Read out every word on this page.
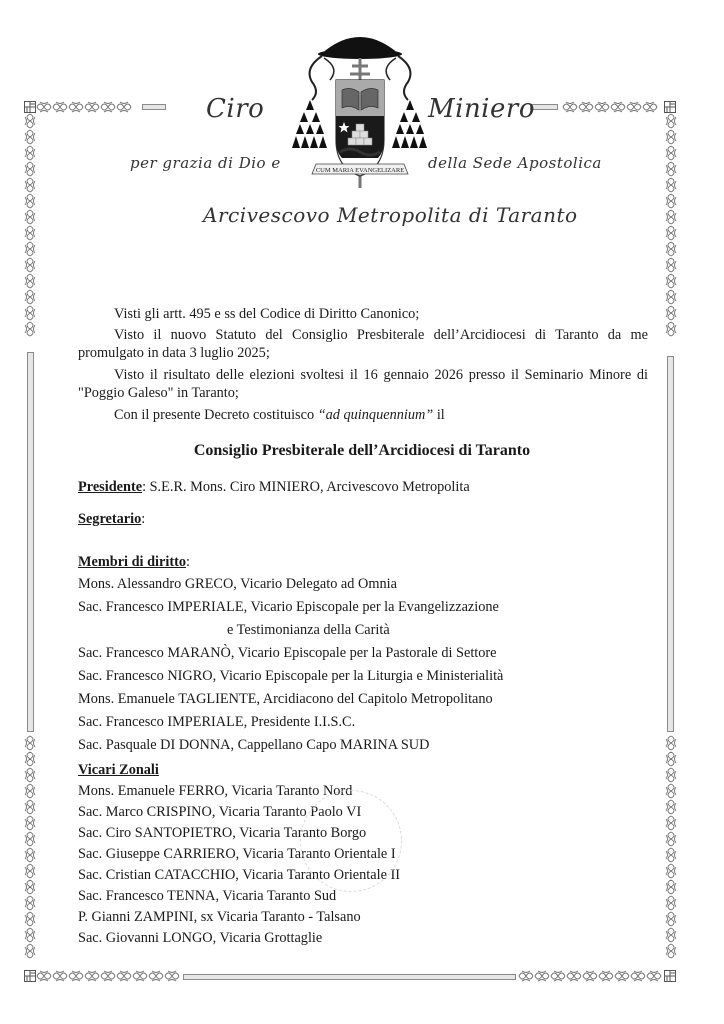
Ciro	Miniero
per grazia di Dio e	della Sede Apostolica
Arcivescovo Metropolita di Taranto
CUM MARIA EVANGELIZARE
Visti gli artt. 495 e ss del Codice di Diritto Canonico;
Visto il nuovo Statuto del Consiglio Presbiterale dell’Arcidiocesi di Taranto da me promulgato in data 3 luglio 2025;
Visto il risultato delle elezioni svoltesi il 16 gennaio 2026 presso il Seminario Minore di "Poggio Galeso" in Taranto;
Con il presente Decreto costituisco “ad quinquennium” il
Consiglio Presbiterale dell’Arcidiocesi di Taranto
Presidente: S.E.R. Mons. Ciro MINIERO, Arcivescovo Metropolita
Segretario:
Membri di diritto:
Mons. Alessandro GRECO, Vicario Delegato ad Omnia
Sac. Francesco IMPERIALE, Vicario Episcopale per la Evangelizzazione
e Testimonianza della Carità
Sac. Francesco MARANÒ, Vicario Episcopale per la Pastorale di Settore
Sac. Francesco NIGRO, Vicario Episcopale per la Liturgia e Ministerialità
Mons. Emanuele TAGLIENTE, Arcidiacono del Capitolo Metropolitano
Sac. Francesco IMPERIALE, Presidente I.I.S.C.
Sac. Pasquale DI DONNA, Cappellano Capo MARINA SUD
Vicari Zonali
Mons. Emanuele FERRO, Vicaria Taranto Nord
Sac. Marco CRISPINO, Vicaria Taranto Paolo VI
Sac. Ciro SANTOPIETRO, Vicaria Taranto Borgo
Sac. Giuseppe CARRIERO, Vicaria Taranto Orientale I
Sac. Cristian CATACCHIO, Vicaria Taranto Orientale II
Sac. Francesco TENNA, Vicaria Taranto Sud
P. Gianni ZAMPINI, sx Vicaria Taranto - Talsano
Sac. Giovanni LONGO, Vicaria Grottaglie
